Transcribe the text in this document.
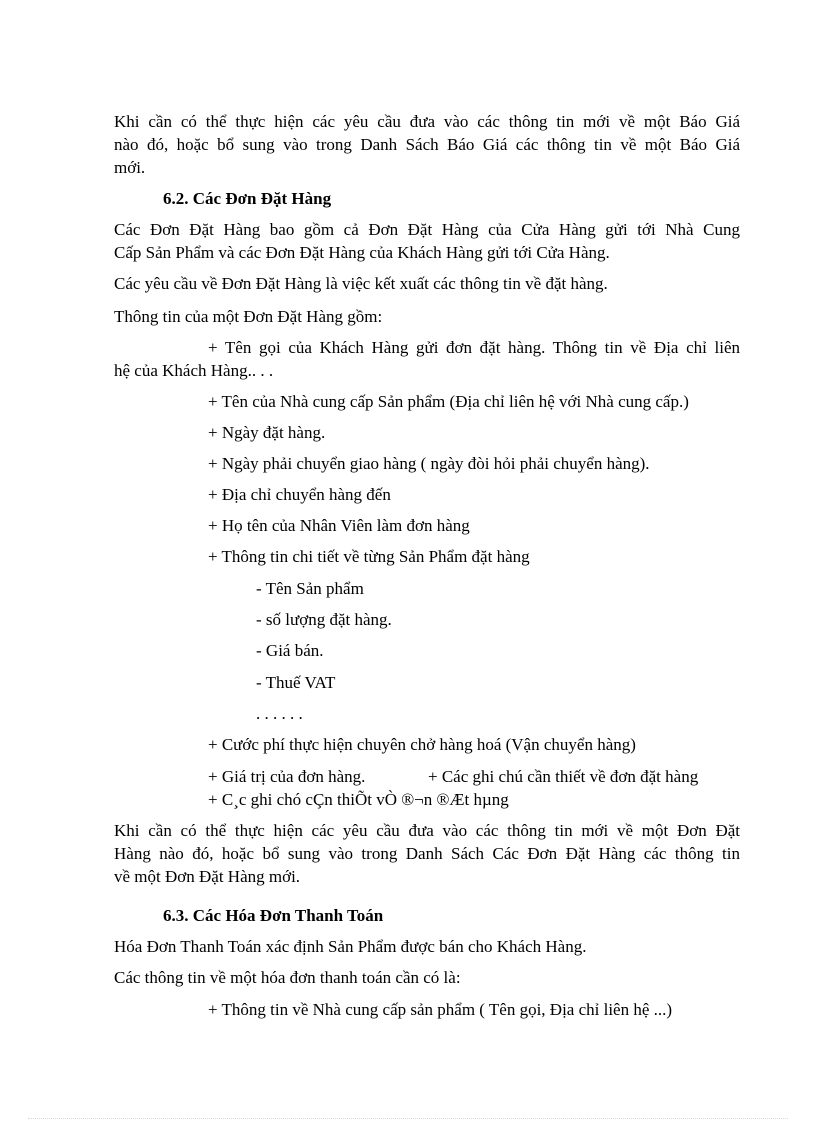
Khi cần có thể thực hiện các yêu cầu đưa vào các thông tin mới về một Báo Giá

nào đó, hoặc bổ sung vào trong Danh Sách Báo Giá các thông tin về một Báo Giá

mới.

6.2. Các Đơn Đặt Hàng

Các Đơn Đặt Hàng bao gồm cả Đơn Đặt Hàng của Cửa Hàng gửi tới Nhà Cung

Cấp Sản Phẩm và các Đơn Đặt Hàng của Khách Hàng gửi tới Cửa Hàng.

Các yêu cầu về Đơn Đặt Hàng là việc kết xuất các thông tin về đặt hàng.

Thông tin của một Đơn Đặt Hàng gồm:

+ Tên gọi của Khách Hàng gửi đơn đặt hàng. Thông tin về Địa chỉ liên

hệ của Khách Hàng.. . .

+ Tên của Nhà cung cấp Sản phẩm (Địa chỉ liên hệ với Nhà cung cấp.)

+ Ngày đặt hàng.

+ Ngày phải chuyển giao hàng ( ngày đòi hỏi phải chuyển hàng).

+ Địa chỉ chuyển hàng đến

+ Họ tên của Nhân Viên làm đơn hàng

+ Thông tin chi tiết về từng Sản Phẩm đặt hàng

- Tên Sản phẩm

- số lượng đặt hàng.

- Giá bán.

- Thuế VAT

. . . . . .

+ Cước phí thực hiện chuyên chở hàng hoá (Vận chuyển hàng)

+ Giá trị của đơn hàng.	+ Các ghi chú cần thiết về đơn đặt hàng

+ C¸c ghi chó cÇn thiÕt vÒ ®¬n ®Æt hµng

Khi cần có thể thực hiện các yêu cầu đưa vào các thông tin mới về một Đơn Đặt

Hàng nào đó, hoặc bổ sung vào trong Danh Sách Các Đơn Đặt Hàng các thông tin

về một Đơn Đặt Hàng mới.

6.3. Các Hóa Đơn Thanh Toán

Hóa Đơn Thanh Toán xác định Sản Phẩm được bán cho Khách Hàng.

Các thông tin về một hóa đơn thanh toán cần có là:

+ Thông tin về Nhà cung cấp sản phẩm ( Tên gọi, Địa chỉ liên hệ ...)
